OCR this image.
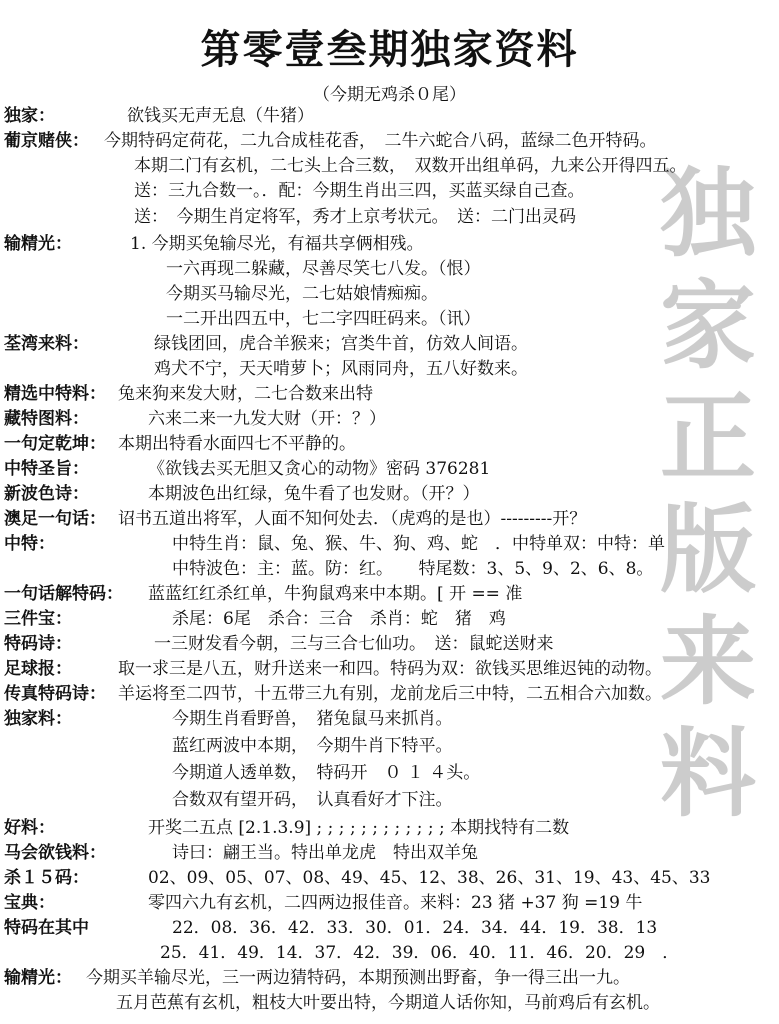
第零壹叁期独家资料
（今期无鸡杀０尾）
独
家
正
版
来
料
独家：	欲钱买无声无息（牛猪）
葡京赌侠： 今期特码定荷花，二九合成桂花香，　二牛六蛇合八码，蓝绿二色开特码。
本期二门有玄机，二七头上合三数，　双数开出组单码，九来公开得四五。
送：三九合数一。．配：今期生肖出三四，买蓝买绿自己查。
送：　今期生肖定将军，秀才上京考状元。　送：二门出灵码
输精光：	1. 今期买兔输尽光，有福共享俩相残。
一六再现二躲藏，尽善尽笑七八发。（恨）
今期买马输尽光，二七姑娘情痴痴。
一二开出四五中，七二字四旺码来。（讯）
荃湾来料：	绿钱团回，虎合羊猴来；宫类牛首，仿效人间语。
鸡犬不宁，天天啃萝卜；风雨同舟，五八好数来。
精选中特料： 兔来狗来发大财，二七合数来出特
藏特图料：	六来二来一九发大财（开：？）
一句定乾坤： 本期出特看水面四七不平静的。
中特圣旨：	《欲钱去买无胆又贪心的动物》密码 376281
新波色诗：	本期波色出红绿，兔牛看了也发财。（开？）
澳足一句话： 诏书五道出将军，人面不知何处去．（虎鸡的是也）---------开？
中特：	中特生肖：鼠、兔、猴、牛、狗、鸡、蛇　．中特单双：中特：单
中特波色：主：蓝。防：红。　　特尾数：3、5、9、2、6、8。
一句话解特码： 蓝蓝红红杀红单，牛狗鼠鸡来中本期。[ 开 == 准
三件宝：	杀尾：6尾　杀合：三合　杀肖：蛇　猪　鸡
特码诗：	一三财发看今朝，三与三合七仙功。　送：鼠蛇送财来
足球报：	取一求三是八五，财升送来一和四。特码为双：欲钱买思维迟钝的动物。
传真特码诗： 羊运将至二四节，十五带三九有别，龙前龙后三中特，二五相合六加数。
独家料：	今期生肖看野兽，　猪兔鼠马来抓肖。
蓝红两波中本期，　今期牛肖下特平。
今期道人透单数，　特码开　０ １ ４头。
合数双有望开码，　认真看好才下注。
好料：	开奖二五点 [2.1.3.9] ; ; ; ; ; ; ; ; ; ; ; ; 本期找特有二数
马会欲钱料：	诗曰：翩王当。特出单龙虎　特出双羊兔
杀１５码：	02、09、05、07、08、49、45、12、38、26、31、19、43、45、33
宝典：	零四六九有玄机，二四两边报佳音。来料：23 猪 +37 狗 =19 牛
特码在其中	22．08．36．42．33．30．01．24．34．44．19．38．13
25．41．49．14．37．42．39．06．40．11．46．20．29　．
输精光： 今期买羊输尽光，三一两边猜特码，本期预测出野畜，争一得三出一九。
五月芭蕉有玄机，粗枝大叶要出特，今期道人话你知，马前鸡后有玄机。
